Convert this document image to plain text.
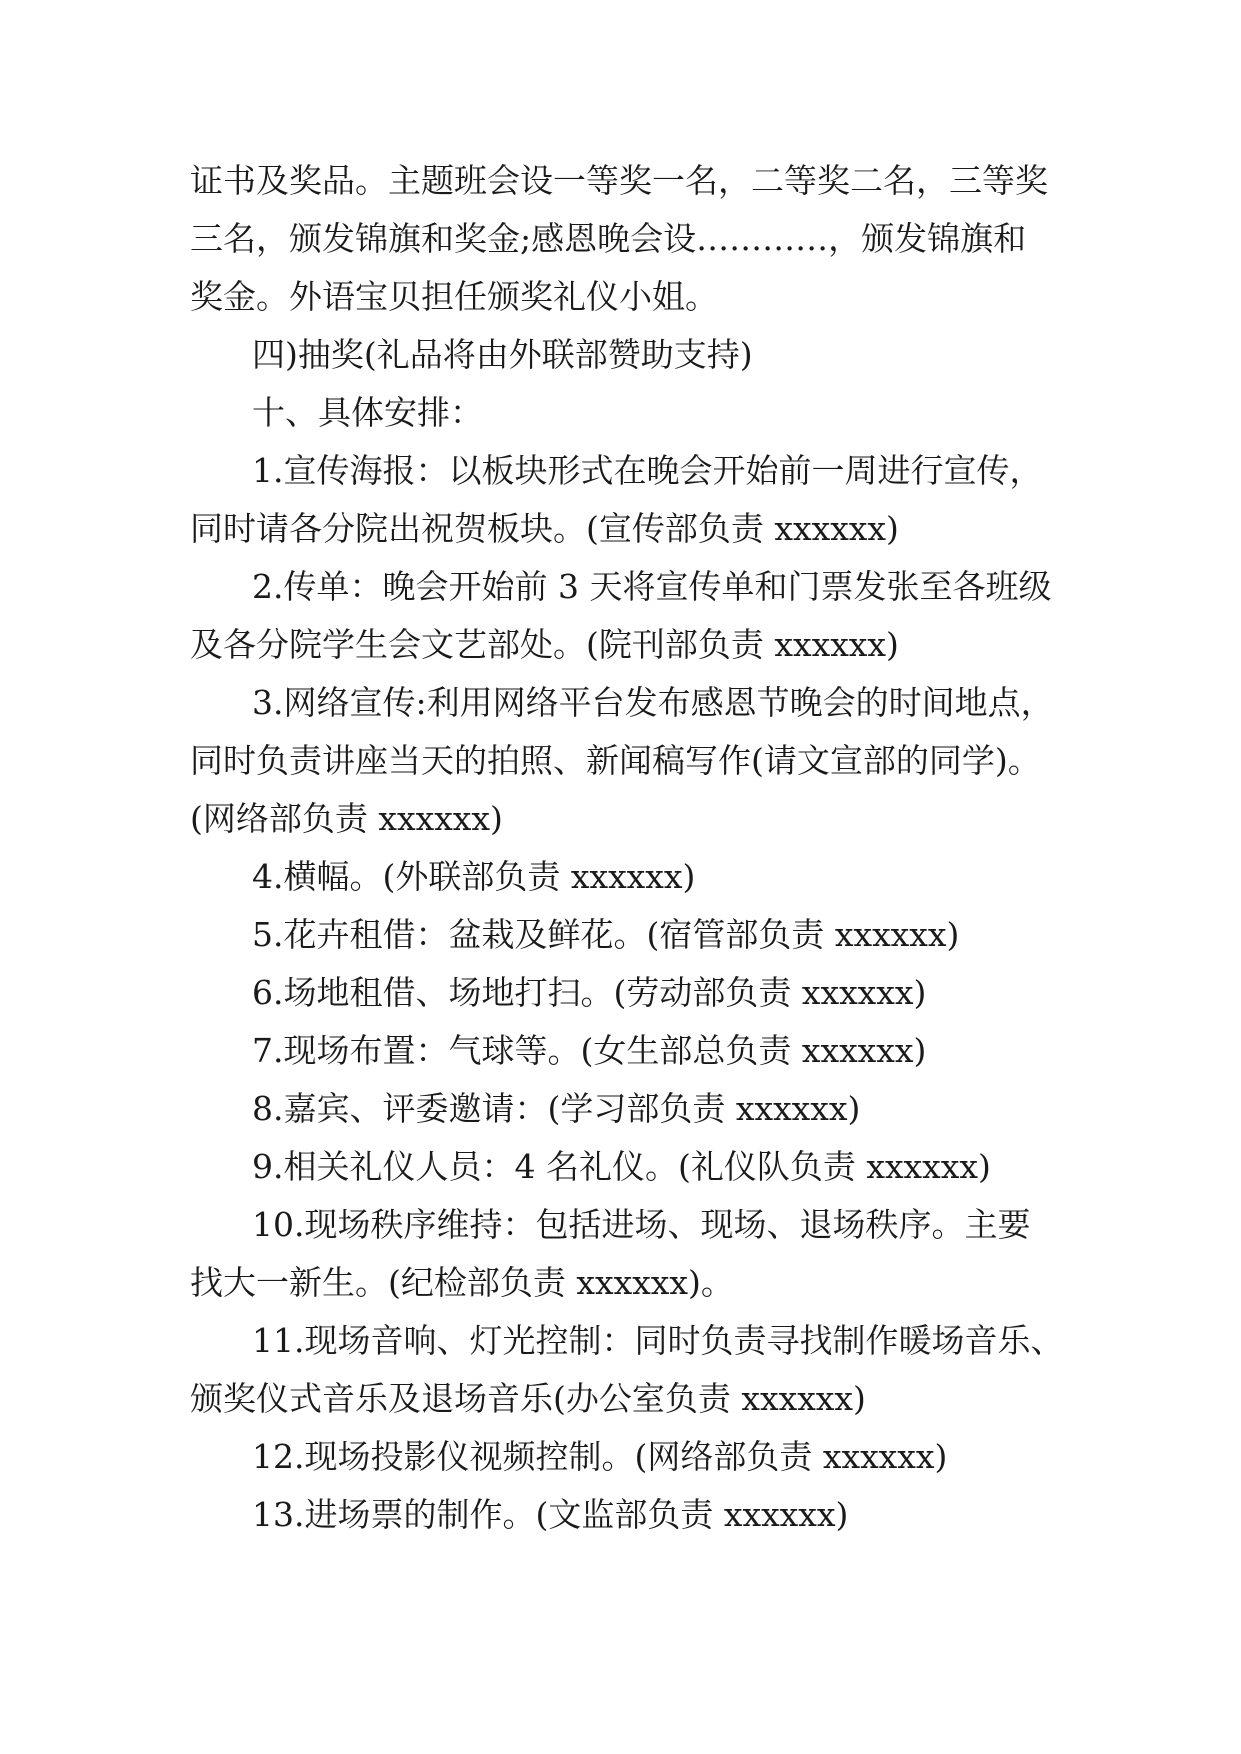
证书及奖品。主题班会设一等奖一名，二等奖二名，三等奖
三名，颁发锦旗和奖金;感恩晚会设…………，颁发锦旗和
奖金。外语宝贝担任颁奖礼仪小姐。

四)抽奖(礼品将由外联部赞助支持)

十、具体安排：

1.宣传海报：以板块形式在晚会开始前一周进行宣传，
同时请各分院出祝贺板块。(宣传部负责 xxxxxx)

2.传单：晚会开始前 3 天将宣传单和门票发张至各班级
及各分院学生会文艺部处。(院刊部负责 xxxxxx)

3.网络宣传:利用网络平台发布感恩节晚会的时间地点，
同时负责讲座当天的拍照、新闻稿写作(请文宣部的同学)。
(网络部负责 xxxxxx)

4.横幅。(外联部负责 xxxxxx)

5.花卉租借：盆栽及鲜花。(宿管部负责 xxxxxx)

6.场地租借、场地打扫。(劳动部负责 xxxxxx)

7.现场布置：气球等。(女生部总负责 xxxxxx)

8.嘉宾、评委邀请：(学习部负责 xxxxxx)

9.相关礼仪人员：4 名礼仪。(礼仪队负责 xxxxxx)

10.现场秩序维持：包括进场、现场、退场秩序。主要
找大一新生。(纪检部负责 xxxxxx)。

11.现场音响、灯光控制：同时负责寻找制作暖场音乐、
颁奖仪式音乐及退场音乐(办公室负责 xxxxxx)

12.现场投影仪视频控制。(网络部负责 xxxxxx)

13.进场票的制作。(文监部负责 xxxxxx)
